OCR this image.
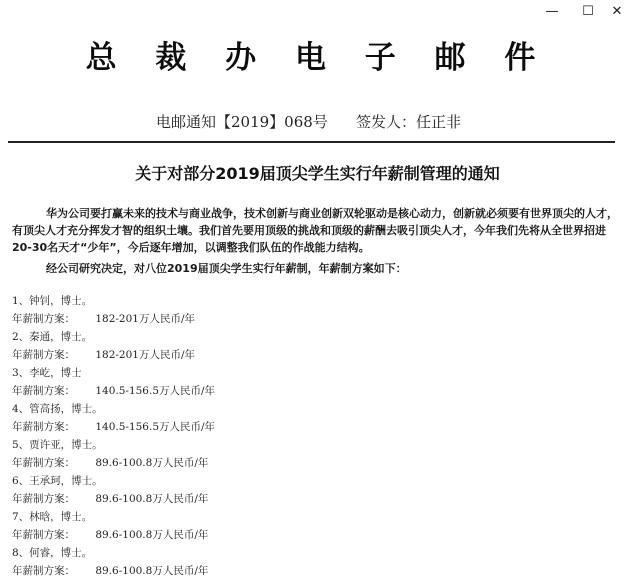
—	☐	✕
总 裁 办 电 子 邮 件
电邮通知【2019】068号 签发人：任正非
关于对部分2019届顶尖学生实行年薪制管理的通知

华为公司要打赢未来的技术与商业战争，技术创新与商业创新双轮驱动是核心动力，创新就必须要有世界顶尖的人才，有顶尖人才充分挥发才智的组织土壤。我们首先要用顶级的挑战和顶级的薪酬去吸引顶尖人才，今年我们先将从全世界招进20-30名天才“少年”，今后逐年增加，以调整我们队伍的作战能力结构。

经公司研究决定，对八位2019届顶尖学生实行年薪制，年薪制方案如下：

1、钟钊，博士。
年薪制方案： 182-201万人民币/年
2、秦通，博士。
年薪制方案： 182-201万人民币/年
3、李屹，博士
年薪制方案： 140.5-156.5万人民币/年
4、管高扬，博士。
年薪制方案： 140.5-156.5万人民币/年
5、贾许亚，博士。
年薪制方案： 89.6-100.8万人民币/年
6、王承珂，博士。
年薪制方案： 89.6-100.8万人民币/年
7、林晗，博士。
年薪制方案： 89.6-100.8万人民币/年
8、何睿，博士。
年薪制方案： 89.6-100.8万人民币/年
